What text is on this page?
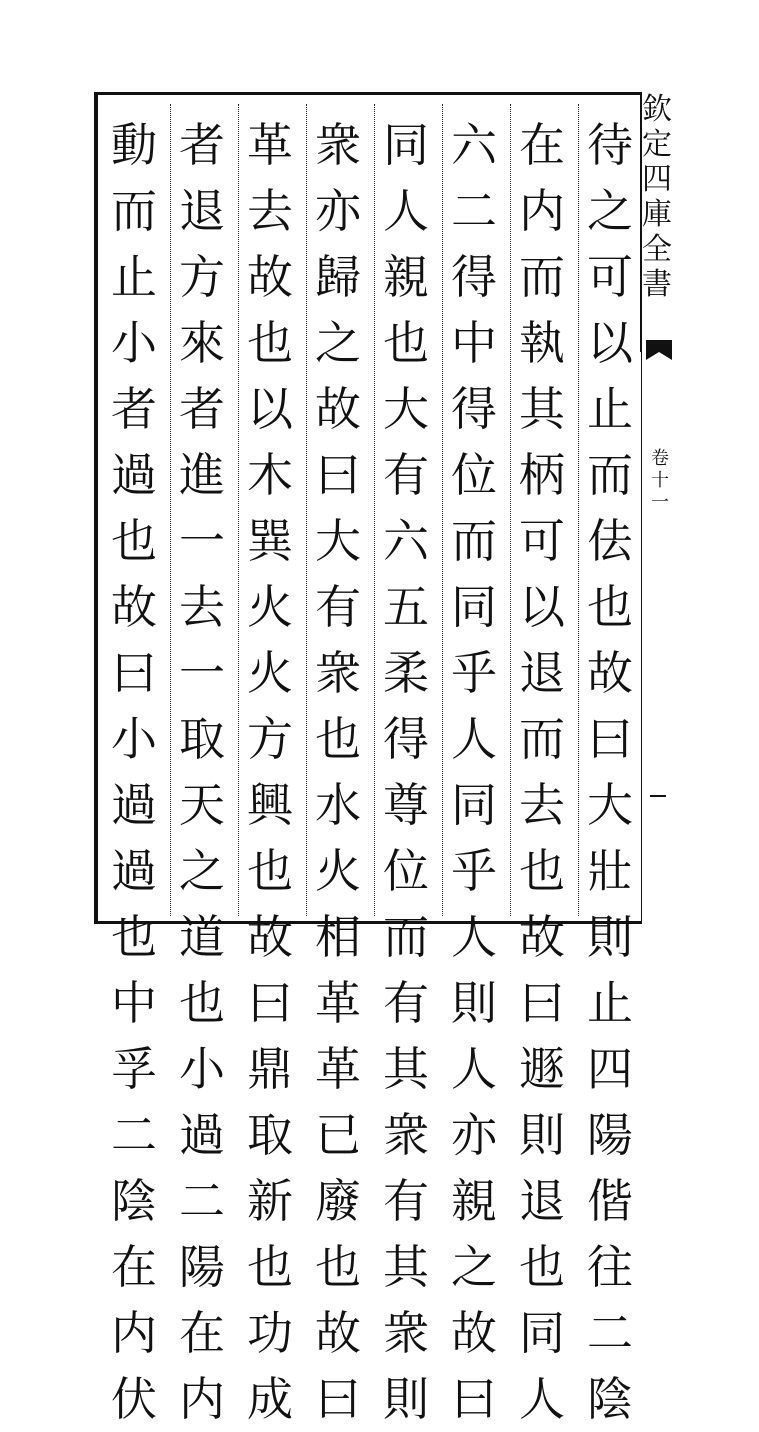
欽
定
四
庫
全
書
卷
十
一
待
之
可
以
止
而
佉
也
故
曰
大
壯
則
止
四
陽
偕
往
二
陰
在
内
而
執
其
柄
可
以
退
而
去
也
故
曰
遯
則
退
也
同
人
六
二
得
中
得
位
而
同
乎
人
同
乎
人
則
人
亦
親
之
故
曰
同
人
親
也
大
有
六
五
柔
得
尊
位
而
有
其
衆
有
其
衆
則
衆
亦
歸
之
故
曰
大
有
衆
也
水
火
相
革
革
已
廢
也
故
曰
革
去
故
也
以
木
巽
火
火
方
興
也
故
曰
鼎
取
新
也
功
成
者
退
方
來
者
進
一
去
一
取
天
之
道
也
小
過
二
陽
在
内
動
而
止
小
者
過
也
故
曰
小
過
過
也
中
孚
二
陰
在
内
伏
